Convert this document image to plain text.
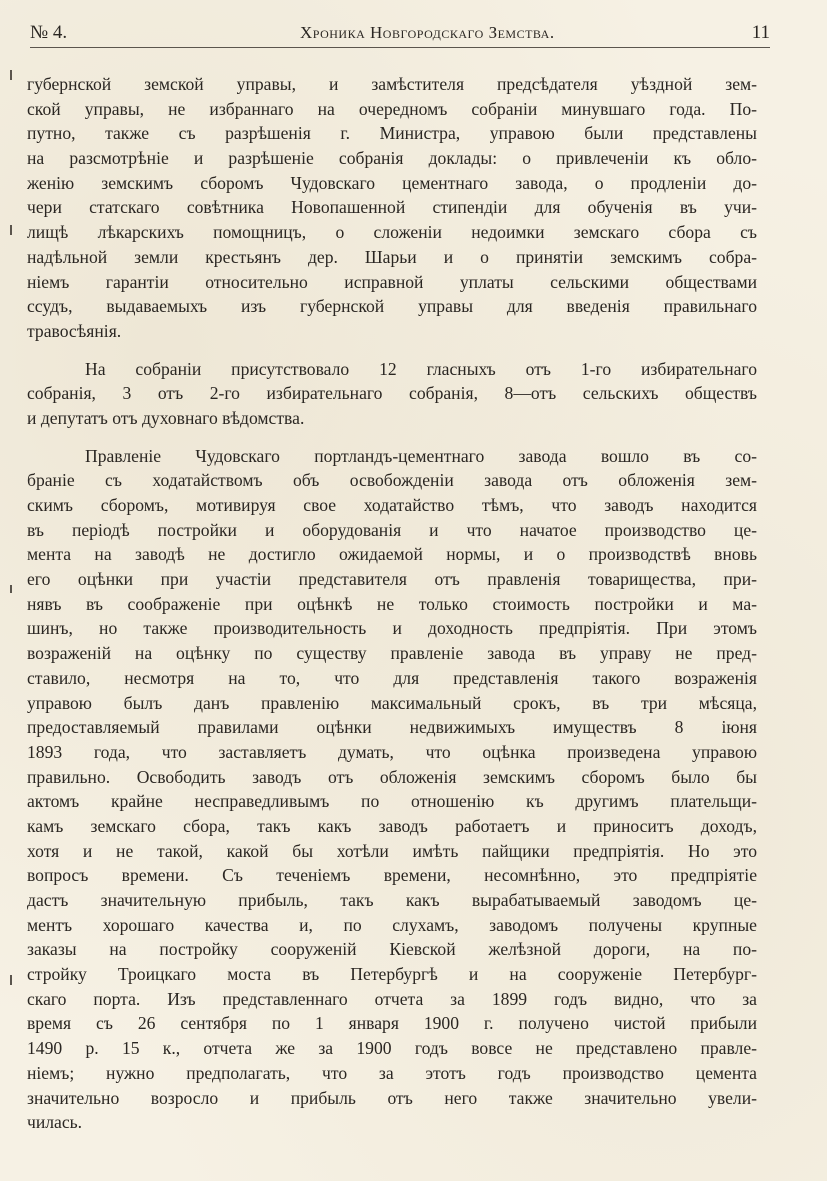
№ 4.	Хроника Новгородскаго Земства.	11

губернской земской управы, и замѣстителя предсѣдателя уѣздной зем-
ской управы, не избраннаго на очередномъ собраніи минувшаго года. По-
путно, также съ разрѣшенія г. Министра, управою были представлены
на разсмотрѣніе и разрѣшеніе собранія доклады: о привлеченіи къ обло-
женію земскимъ сборомъ Чудовскаго цементнаго завода, о продленіи до-
чери статскаго совѣтника Новопашенной стипендіи для обученія въ учи-
лищѣ лѣкарскихъ помощницъ, о сложеніи недоимки земскаго сбора съ
надѣльной земли крестьянъ дер. Шарьи и о принятіи земскимъ собра-
ніемъ гарантіи относительно исправной уплаты сельскими обществами
ссудъ, выдаваемыхъ изъ губернской управы для введенія правильнаго
травосѣянія.

На собраніи присутствовало 12 гласныхъ отъ 1-го избирательнаго
собранія, 3 отъ 2-го избирательнаго собранія, 8—отъ сельскихъ обществъ
и депутатъ отъ духовнаго вѣдомства.

Правленіе Чудовскаго портландъ-цементнаго завода вошло въ со-
браніе съ ходатайствомъ объ освобожденіи завода отъ обложенія зем-
скимъ сборомъ, мотивируя свое ходатайство тѣмъ, что заводъ находится
въ періодѣ постройки и оборудованія и что начатое производство це-
мента на заводѣ не достигло ожидаемой нормы, и о производствѣ вновь
его оцѣнки при участіи представителя отъ правленія товарищества, при-
нявъ въ соображеніе при оцѣнкѣ не только стоимость постройки и ма-
шинъ, но также производительность и доходность предпріятія. При этомъ
возраженій на оцѣнку по существу правленіе завода въ управу не пред-
ставило, несмотря на то, что для представленія такого возраженія
управою былъ данъ правленію максимальный срокъ, въ три мѣсяца,
предоставляемый правилами оцѣнки недвижимыхъ имуществъ 8 іюня
1893 года, что заставляетъ думать, что оцѣнка произведена управою
правильно. Освободить заводъ отъ обложенія земскимъ сборомъ было бы
актомъ крайне несправедливымъ по отношенію къ другимъ плательщи-
камъ земскаго сбора, такъ какъ заводъ работаетъ и приноситъ доходъ,
хотя и не такой, какой бы хотѣли имѣть пайщики предпріятія. Но это
вопросъ времени. Съ теченіемъ времени, несомнѣнно, это предпріятіе
дастъ значительную прибыль, такъ какъ вырабатываемый заводомъ це-
ментъ хорошаго качества и, по слухамъ, заводомъ получены крупные
заказы на постройку сооруженій Кіевской желѣзной дороги, на по-
стройку Троицкаго моста въ Петербургѣ и на сооруженіе Петербург-
скаго порта. Изъ представленнаго отчета за 1899 годъ видно, что за
время съ 26 сентября по 1 января 1900 г. получено чистой прибыли
1490 р. 15 к., отчета же за 1900 годъ вовсе не представлено правле-
ніемъ; нужно предполагать, что за этотъ годъ производство цемента
значительно возросло и прибыль отъ него также значительно увели-
чилась.
